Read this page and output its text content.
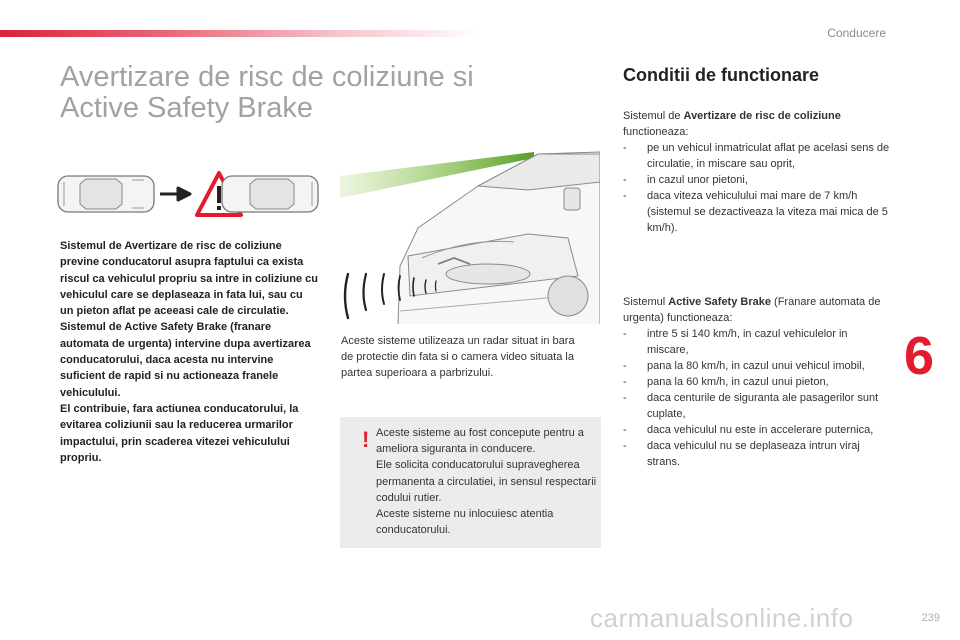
Conducere
Avertizare de risc de coliziune si
Active Safety Brake

Sistemul de Avertizare de risc de coliziune previne conducatorul asupra faptului ca exista riscul ca vehiculul propriu sa intre in coliziune cu vehiculul care se deplaseaza in fata lui, sau cu un pieton aflat pe aceeasi cale de circulatie.

Sistemul de Active Safety Brake (franare automata de urgenta) intervine dupa avertizarea conducatorului, daca acesta nu intervine suficient de rapid si nu actioneaza franele vehiculului.

El contribuie, fara actiunea conducatorului, la evitarea coliziunii sau la reducerea urmarilor impactului, prin scaderea vitezei vehiculului propriu.

Aceste sisteme utilizeaza un radar situat in bara de protectie din fata si o camera video situata la partea superioara a parbrizului.
! Aceste sisteme au fost concepute pentru a ameliora siguranta in conducere.

Ele solicita conducatorului supravegherea permanenta a circulatiei, in sensul respectarii codului rutier.

Aceste sisteme nu inlocuiesc atentia conducatorului.

Conditii de functionare

Sistemul de Avertizare de risc de coliziune functioneaza:

- pe un vehicul inmatriculat aflat pe acelasi sens de circulatie, in miscare sau oprit,
- in cazul unor pietoni,
- daca viteza vehiculului mai mare de 7 km/h (sistemul se dezactiveaza la viteza mai mica de 5 km/h).

Sistemul Active Safety Brake (Franare automata de urgenta) functioneaza:

- intre 5 si 140 km/h, in cazul vehiculelor in miscare,
- pana la 80 km/h, in cazul unui vehicul imobil,
- pana la 60 km/h, in cazul unui pieton,
- daca centurile de siguranta ale pasagerilor sunt cuplate,
- daca vehiculul nu este in accelerare puternica,
- daca vehiculul nu se deplaseaza intrun viraj strans.
6
carmanualsonline.info	239
